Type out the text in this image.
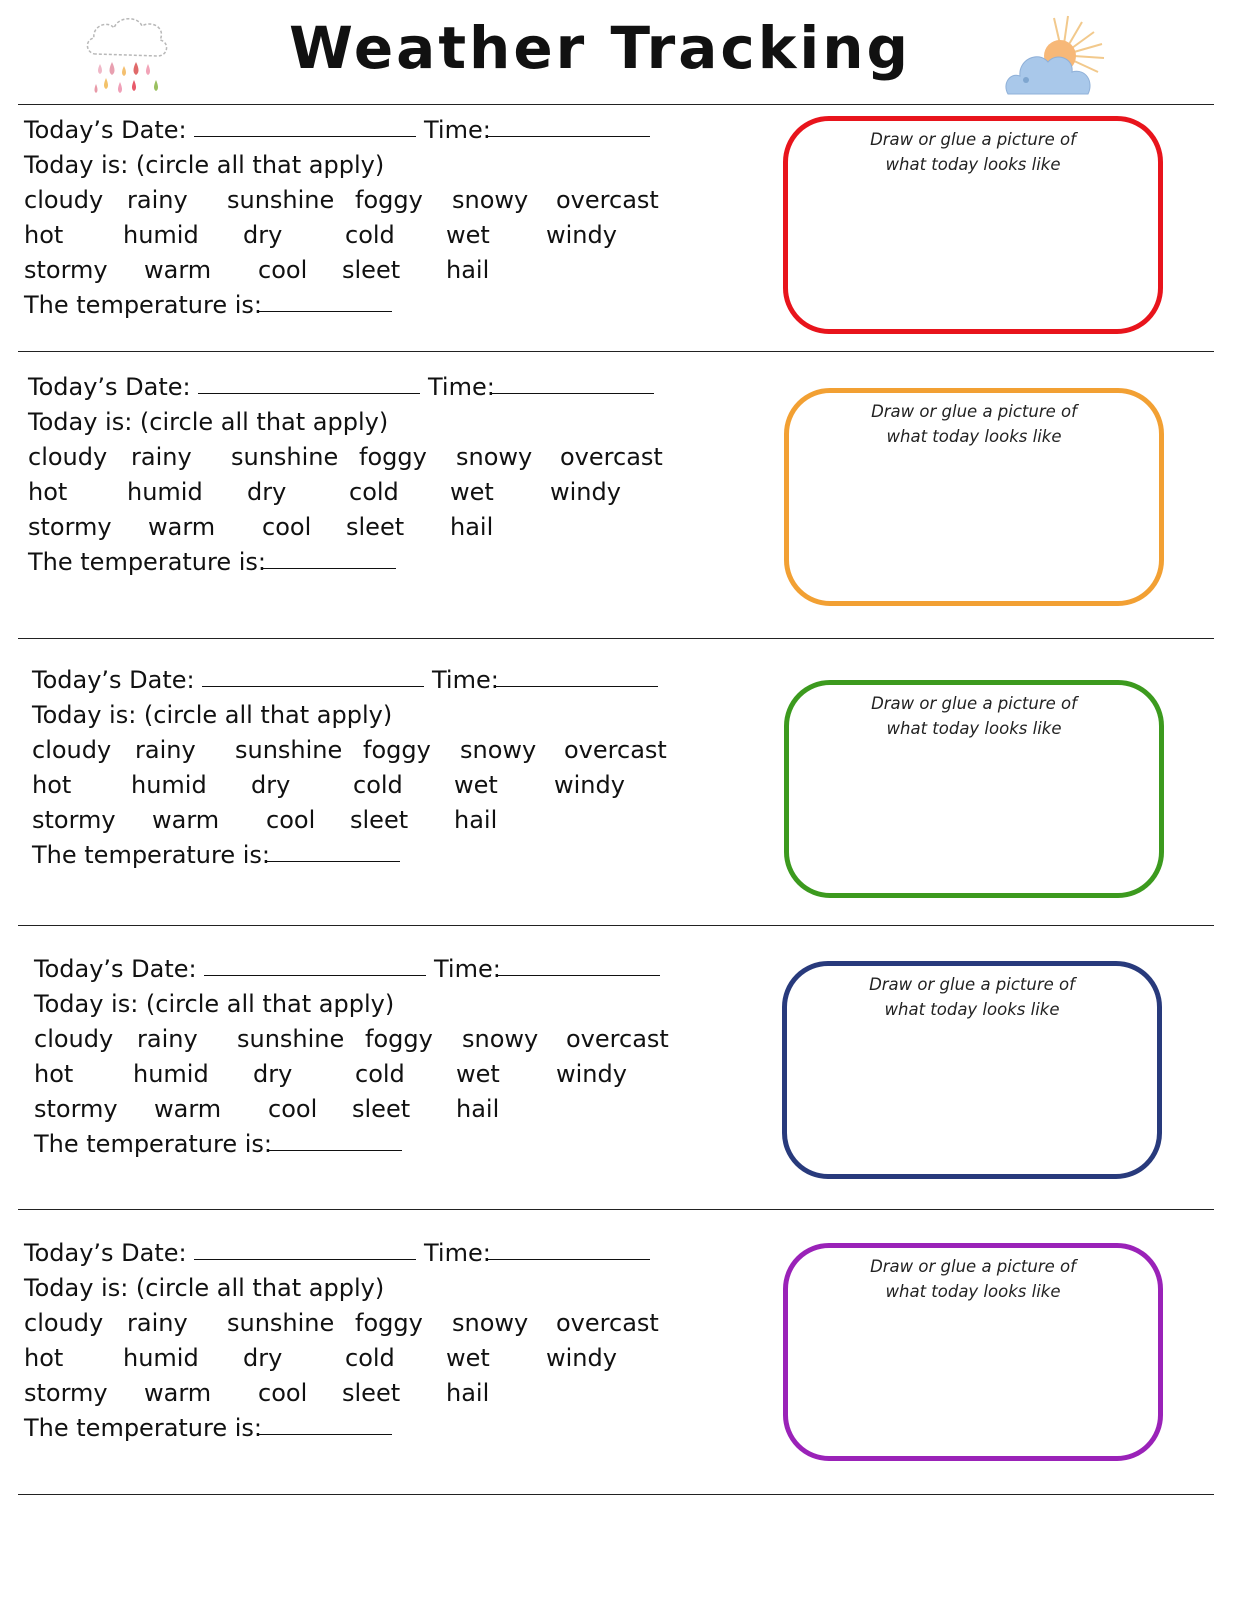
Weather Tracking
Today’s Date:	Time:
Today is: (circle all that apply)
cloudy rainy sunshine foggy snowy overcast
hot humid dry	cold wet windy
stormy warm cool sleet hail
The temperature is:
Draw or glue a picture of
what today looks like
Today’s Date:	Time:
Today is: (circle all that apply)
cloudy rainy sunshine foggy snowy overcast
hot humid dry	cold wet windy
stormy warm cool sleet hail
The temperature is:
Draw or glue a picture of
what today looks like
Today’s Date:	Time:
Today is: (circle all that apply)
cloudy rainy sunshine foggy snowy overcast
hot humid dry	cold wet windy
stormy warm cool sleet hail
The temperature is:
Draw or glue a picture of
what today looks like
Today’s Date:	Time:
Today is: (circle all that apply)
cloudy rainy sunshine foggy snowy overcast
hot humid dry	cold wet windy
stormy warm cool sleet hail
The temperature is:
Draw or glue a picture of
what today looks like
Today’s Date:	Time:
Today is: (circle all that apply)
cloudy rainy sunshine foggy snowy overcast
hot humid dry	cold wet windy
stormy warm cool sleet hail
The temperature is:
Draw or glue a picture of
what today looks like
